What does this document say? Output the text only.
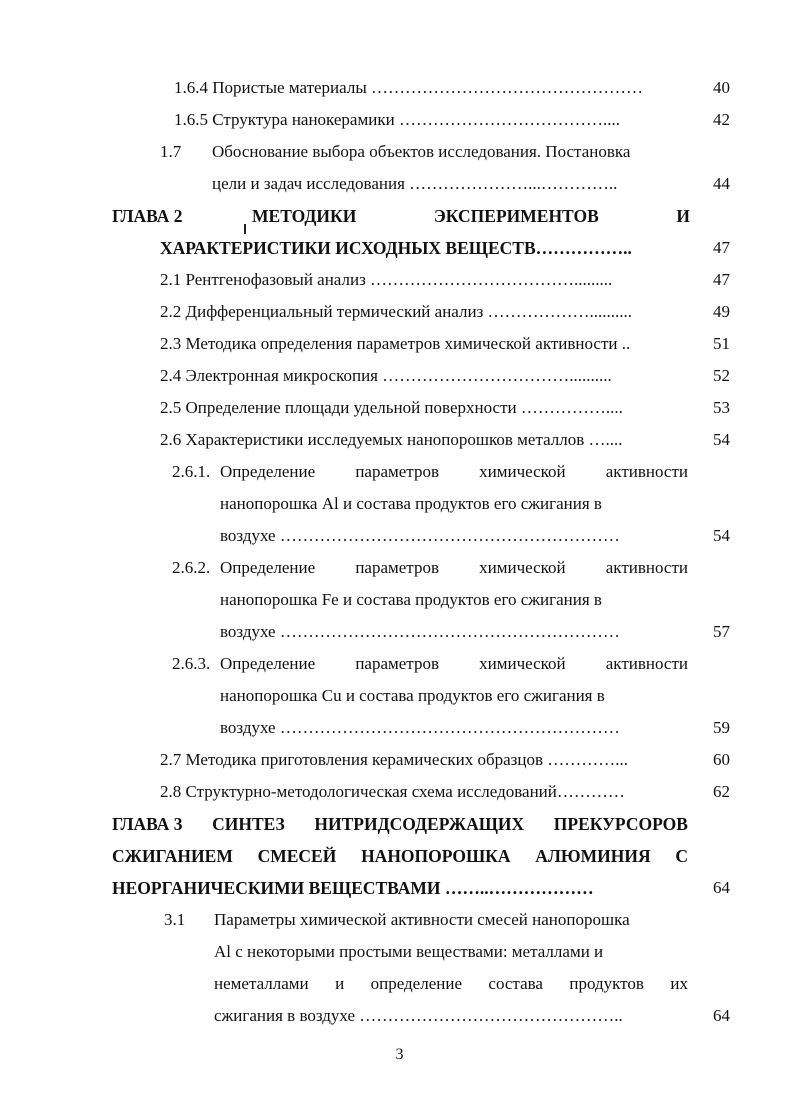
1.6.4 Пористые материалы …………………………………………	40
1.6.5 Структура нанокерамики ………………………………....	42
1.7 Обоснование выбора объектов исследования. Постановка
цели и задач исследования …………………...…………..	44
ГЛАВА 2	МЕТОДИКИ	ЭКСПЕРИМЕНТОВ	И
ХАРАКТЕРИСТИКИ ИСХОДНЫХ ВЕЩЕСТВ……………..	47
2.1 Рентгенофазовый анализ ……………………………….........	47
2.2 Дифференциальный термический анализ ………………..........	49
2.3 Методика определения параметров химической активности ..	51
2.4 Электронная микроскопия ……………………………..........	52
2.5 Определение площади удельной поверхности ……………....	53
2.6 Характеристики исследуемых нанопорошков металлов …....	54
2.6.1. Определение параметров химической активности
нанопорошка Al и состава продуктов его сжигания в
воздухе ……………………………………………………	54
2.6.2. Определение параметров химической активности
нанопорошка Fe и состава продуктов его сжигания в
воздухе ……………………………………………………	57
2.6.3. Определение параметров химической активности
нанопорошка Cu и состава продуктов его сжигания в
воздухе ……………………………………………………	59
2.7 Методика приготовления керамических образцов …………...	60
2.8 Структурно-методологическая схема исследований…………	62
ГЛАВА 3 СИНТЕЗ НИТРИДСОДЕРЖАЩИХ ПРЕКУРСОРОВ
СЖИГАНИЕМ СМЕСЕЙ НАНОПОРОШКА АЛЮМИНИЯ С
НЕОРГАНИЧЕСКИМИ ВЕЩЕСТВАМИ ……..………………	64
3.1 Параметры химической активности смесей нанопорошка
Al с некоторыми простыми веществами: металлами и
неметаллами и определение состава продуктов их
сжигания в воздухе ………………………………………..	64
3
